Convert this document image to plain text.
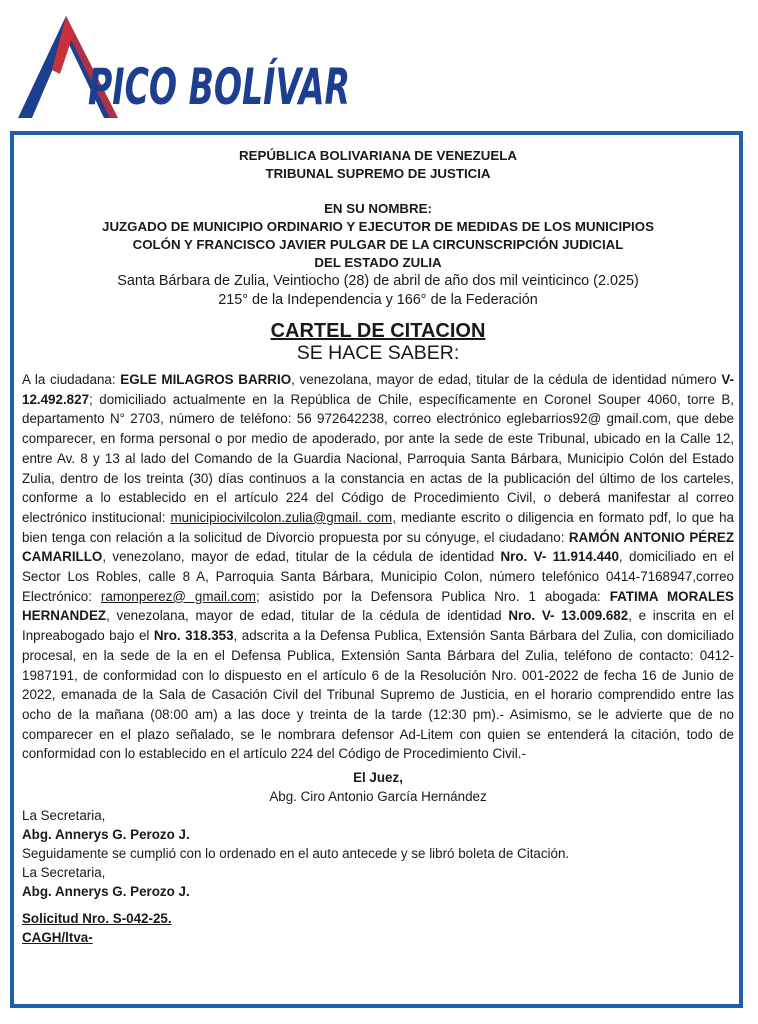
PICO BOLÍVAR
REPÚBLICA BOLIVARIANA DE VENEZUELA
TRIBUNAL SUPREMO DE JUSTICIA
EN SU NOMBRE:
JUZGADO DE MUNICIPIO ORDINARIO Y EJECUTOR DE MEDIDAS DE LOS MUNICIPIOS
COLÓN Y FRANCISCO JAVIER PULGAR DE LA CIRCUNSCRIPCIÓN JUDICIAL
DEL ESTADO ZULIA
Santa Bárbara de Zulia, Veintiocho (28) de abril de año dos mil veinticinco (2.025)
215° de la Independencia y 166° de la Federación
CARTEL DE CITACION
SE HACE SABER:
A la ciudadana: EGLE MILAGROS BARRIO, venezolana, mayor de edad, titular de la cédula de identidad número V-12.492.827; domiciliado actualmente en la República de Chile, específicamente en Coronel Souper 4060, torre B, departamento N° 2703, número de teléfono: 56 972642238, correo electrónico eglebarrios92@ gmail.com, que debe comparecer, en forma personal o por medio de apoderado, por ante la sede de este Tribunal, ubicado en la Calle 12, entre Av. 8 y 13 al lado del Comando de la Guardia Nacional, Parroquia Santa Bárbara, Municipio Colón del Estado Zulia, dentro de los treinta (30) días continuos a la constancia en actas de la publicación del último de los carteles, conforme a lo establecido en el artículo 224 del Código de Procedimiento Civil, o deberá manifestar al correo electrónico institucional: municipiocivilcolon.zulia@gmail. com, mediante escrito o diligencia en formato pdf, lo que ha bien tenga con relación a la solicitud de Divorcio propuesta por su cónyuge, el ciudadano: RAMÓN ANTONIO PÉREZ CAMARILLO, venezolano, mayor de edad, titular de la cédula de identidad Nro. V- 11.914.440, domiciliado en el Sector Los Robles, calle 8 A, Parroquia Santa Bárbara, Municipio Colon, número telefónico 0414-7168947,correo Electrónico: ramonperez@ gmail.com; asistido por la Defensora Publica Nro. 1 abogada: FATIMA MORALES HERNANDEZ, venezolana, mayor de edad, titular de la cédula de identidad Nro. V- 13.009.682, e inscrita en el Inpreabogado bajo el Nro. 318.353, adscrita a la Defensa Publica, Extensión Santa Bárbara del Zulia, con domiciliado procesal, en la sede de la en el Defensa Publica, Extensión Santa Bárbara del Zulia, teléfono de contacto: 0412-1987191, de conformidad con lo dispuesto en el artículo 6 de la Resolución Nro. 001-2022 de fecha 16 de Junio de 2022, emanada de la Sala de Casación Civil del Tribunal Supremo de Justicia, en el horario comprendido entre las ocho de la mañana (08:00 am) a las doce y treinta de la tarde (12:30 pm).- Asimismo, se le advierte que de no comparecer en el plazo señalado, se le nombrara defensor Ad-Litem con quien se entenderá la citación, todo de conformidad con lo establecido en el artículo 224 del Código de Procedimiento Civil.-
El Juez,
Abg. Ciro Antonio García Hernández
La Secretaria,
Abg. Annerys G. Perozo J.
Seguidamente se cumplió con lo ordenado en el auto antecede y se libró boleta de Citación.
La Secretaria,
Abg. Annerys G. Perozo J.
Solicitud Nro. S-042-25.
CAGH/ltva-
